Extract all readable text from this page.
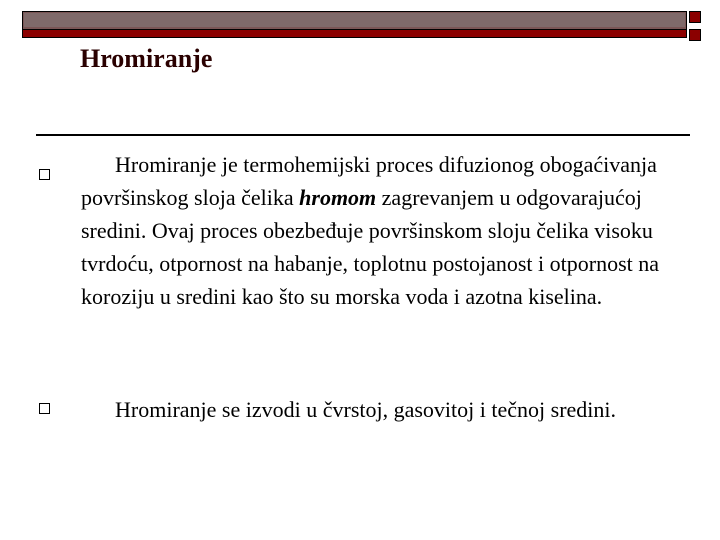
Hromiranje
Hromiranje je termohemijski proces difuzionog obogaćivanja površinskog sloja čelika hromom zagrevanjem u odgovarajućoj sredini. Ovaj proces obezbeđuje površinskom sloju čelika visoku tvrdoću, otpornost na habanje, toplotnu postojanost i otpornost na koroziju u sredini kao što su morska voda i azotna kiselina.
Hromiranje se izvodi u čvrstoj, gasovitoj i tečnoj sredini.
